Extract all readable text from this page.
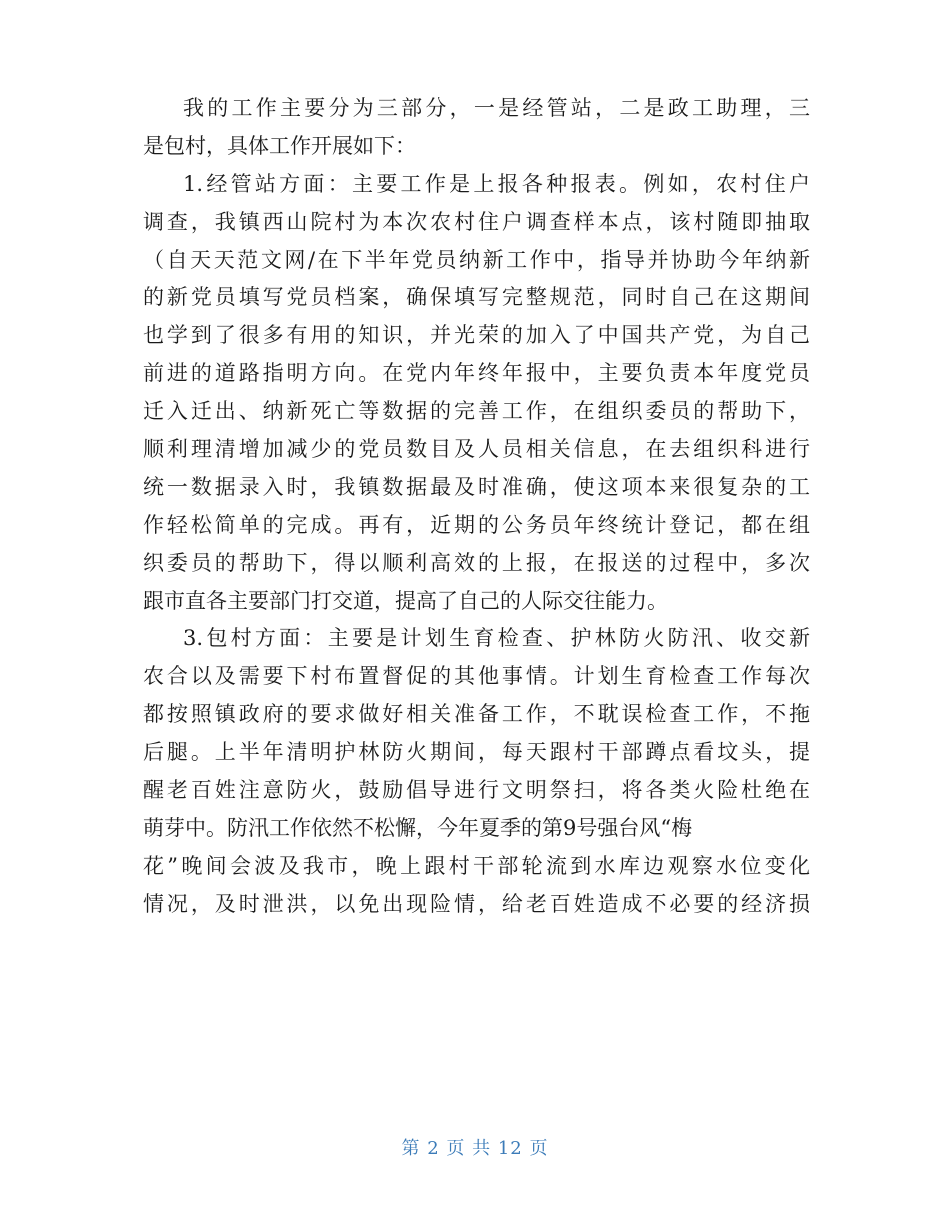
我的工作主要分为三部分，一是经管站，二是政工助理，三
是包村，具体工作开展如下：
1.经管站方面：主要工作是上报各种报表。例如，农村住户
调查，我镇西山院村为本次农村住户调查样本点，该村随即抽取
（自天天范文网/在下半年党员纳新工作中，指导并协助今年纳新
的新党员填写党员档案，确保填写完整规范，同时自己在这期间
也学到了很多有用的知识，并光荣的加入了中国共产党，为自己
前进的道路指明方向。在党内年终年报中，主要负责本年度党员
迁入迁出、纳新死亡等数据的完善工作，在组织委员的帮助下，
顺利理清增加减少的党员数目及人员相关信息，在去组织科进行
统一数据录入时，我镇数据最及时准确，使这项本来很复杂的工
作轻松简单的完成。再有，近期的公务员年终统计登记，都在组
织委员的帮助下，得以顺利高效的上报，在报送的过程中，多次
跟市直各主要部门打交道，提高了自己的人际交往能力。
3.包村方面：主要是计划生育检查、护林防火防汛、收交新
农合以及需要下村布置督促的其他事情。计划生育检查工作每次
都按照镇政府的要求做好相关准备工作，不耽误检查工作，不拖
后腿。上半年清明护林防火期间，每天跟村干部蹲点看坟头，提
醒老百姓注意防火，鼓励倡导进行文明祭扫，将各类火险杜绝在
萌芽中。防汛工作依然不松懈，今年夏季的第9号强台风“梅
花”晚间会波及我市，晚上跟村干部轮流到水库边观察水位变化
情况，及时泄洪，以免出现险情，给老百姓造成不必要的经济损
第 2 页 共 12 页
